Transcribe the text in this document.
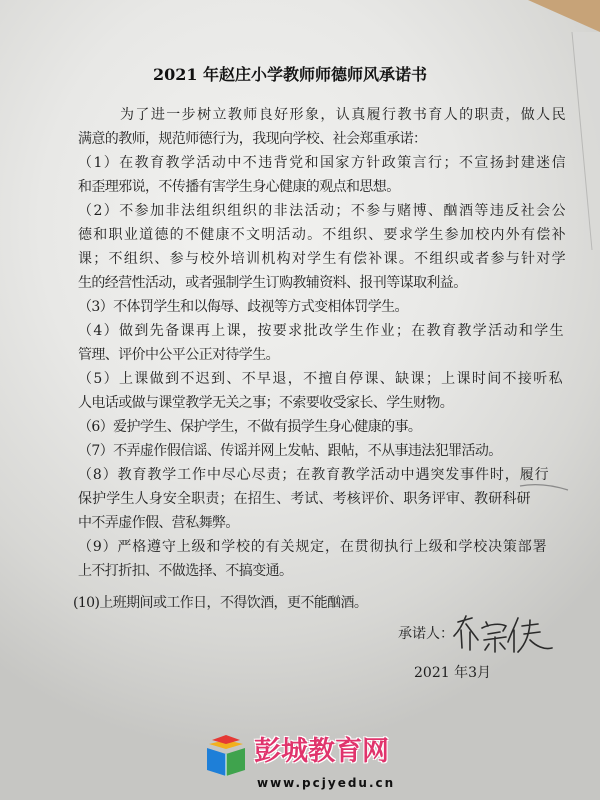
2021 年赵庄小学教师师德师风承诺书
为了进一步树立教师良好形象，认真履行教书育人的职责，做人民
满意的教师，规范师德行为，我现向学校、社会郑重承诺：
（1）在教育教学活动中不违背党和国家方针政策言行；不宣扬封建迷信
和歪理邪说，不传播有害学生身心健康的观点和思想。
（2）不参加非法组织组织的非法活动；不参与赌博、酗酒等违反社会公
德和职业道德的不健康不文明活动。不组织、要求学生参加校内外有偿补
课；不组织、参与校外培训机构对学生有偿补课。不组织或者参与针对学
生的经营性活动，或者强制学生订购教辅资料、报刊等谋取利益。
（3）不体罚学生和以侮辱、歧视等方式变相体罚学生。
（4）做到先备课再上课，按要求批改学生作业；在教育教学活动和学生
管理、评价中公平公正对待学生。
（5）上课做到不迟到、不早退，不擅自停课、缺课；上课时间不接听私
人电话或做与课堂教学无关之事；不索要收受家长、学生财物。
（6）爱护学生、保护学生，不做有损学生身心健康的事。
（7）不弄虚作假信谣、传谣并网上发帖、跟帖，不从事违法犯罪活动。
（8）教育教学工作中尽心尽责；在教育教学活动中遇突发事件时，履行
保护学生人身安全职责；在招生、考试、考核评价、职务评审、教研科研
中不弄虚作假、营私舞弊。
（9）严格遵守上级和学校的有关规定，在贯彻执行上级和学校决策部署
上不打折扣、不做选择、不搞变通。
(10)上班期间或工作日，不得饮酒，更不能酗酒。
承诺人：
2021 年3月
彭城教育网
www.pcjyedu.cn
